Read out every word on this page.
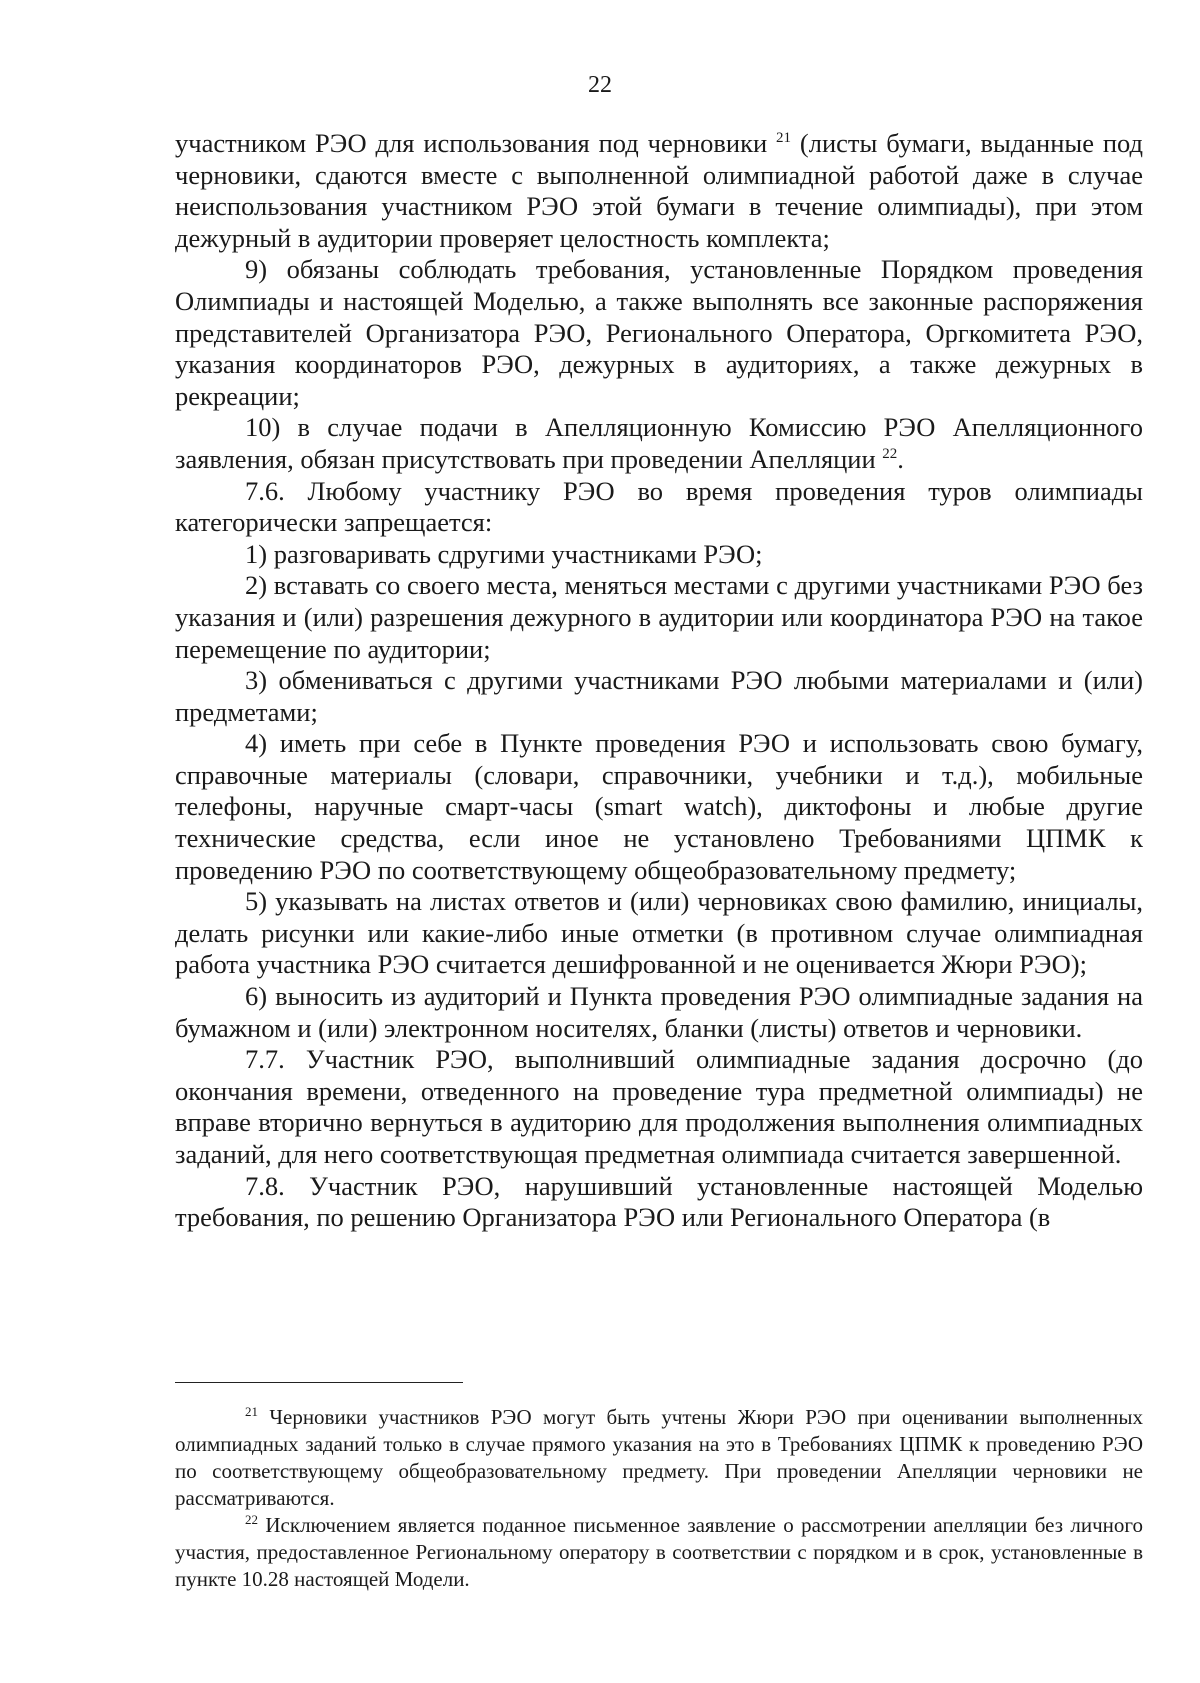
22

участником РЭО для использования под черновики $^{21}$ (листы бумаги, выданные под черновики, сдаются вместе с выполненной олимпиадной работой даже в случае неиспользования участником РЭО этой бумаги в течение олимпиады), при этом дежурный в аудитории проверяет целостность комплекта;

9) обязаны соблюдать требования, установленные Порядком проведения Олимпиады и настоящей Моделью, а также выполнять все законные распоряжения представителей Организатора РЭО, Регионального Оператора, Оргкомитета РЭО, указания координаторов РЭО, дежурных в аудиториях, а также дежурных в рекреации;

10) в случае подачи в Апелляционную Комиссию РЭО Апелляционного заявления, обязан присутствовать при проведении Апелляции $^{22}$.

7.6. Любому участнику РЭО во время проведения туров олимпиады категорически запрещается:

1) разговаривать сдругими участниками РЭО;

2) вставать со своего места, меняться местами с другими участниками РЭО без указания и (или) разрешения дежурного в аудитории или координатора РЭО на такое перемещение по аудитории;

3) обмениваться с другими участниками РЭО любыми материалами и (или) предметами;

4) иметь при себе в Пункте проведения РЭО и использовать свою бумагу, справочные материалы (словари, справочники, учебники и т.д.), мобильные телефоны, наручные смарт-часы (smart watch), диктофоны и любые другие технические средства, если иное не установлено Требованиями ЦПМК к проведению РЭО по соответствующему общеобразовательному предмету;

5) указывать на листах ответов и (или) черновиках свою фамилию, инициалы, делать рисунки или какие-либо иные отметки (в противном случае олимпиадная работа участника РЭО считается дешифрованной и не оценивается Жюри РЭО);

6) выносить из аудиторий и Пункта проведения РЭО олимпиадные задания на бумажном и (или) электронном носителях, бланки (листы) ответов и черновики.

7.7. Участник РЭО, выполнивший олимпиадные задания досрочно (до окончания времени, отведенного на проведение тура предметной олимпиады) не вправе вторично вернуться в аудиторию для продолжения выполнения олимпиадных заданий, для него соответствующая предметная олимпиада считается завершенной.

7.8. Участник РЭО, нарушивший установленные настоящей Моделью требования, по решению Организатора РЭО или Регионального Оператора (в

$^{21}$ Черновики участников РЭО могут быть учтены Жюри РЭО при оценивании выполненных олимпиадных заданий только в случае прямого указания на это в Требованиях ЦПМК к проведению РЭО по соответствующему общеобразовательному предмету. При проведении Апелляции черновики не рассматриваются.

$^{22}$ Исключением является поданное письменное заявление о рассмотрении апелляции без личного участия, предоставленное Региональному оператору в соответствии с порядком и в срок, установленные в пункте 10.28 настоящей Модели.
